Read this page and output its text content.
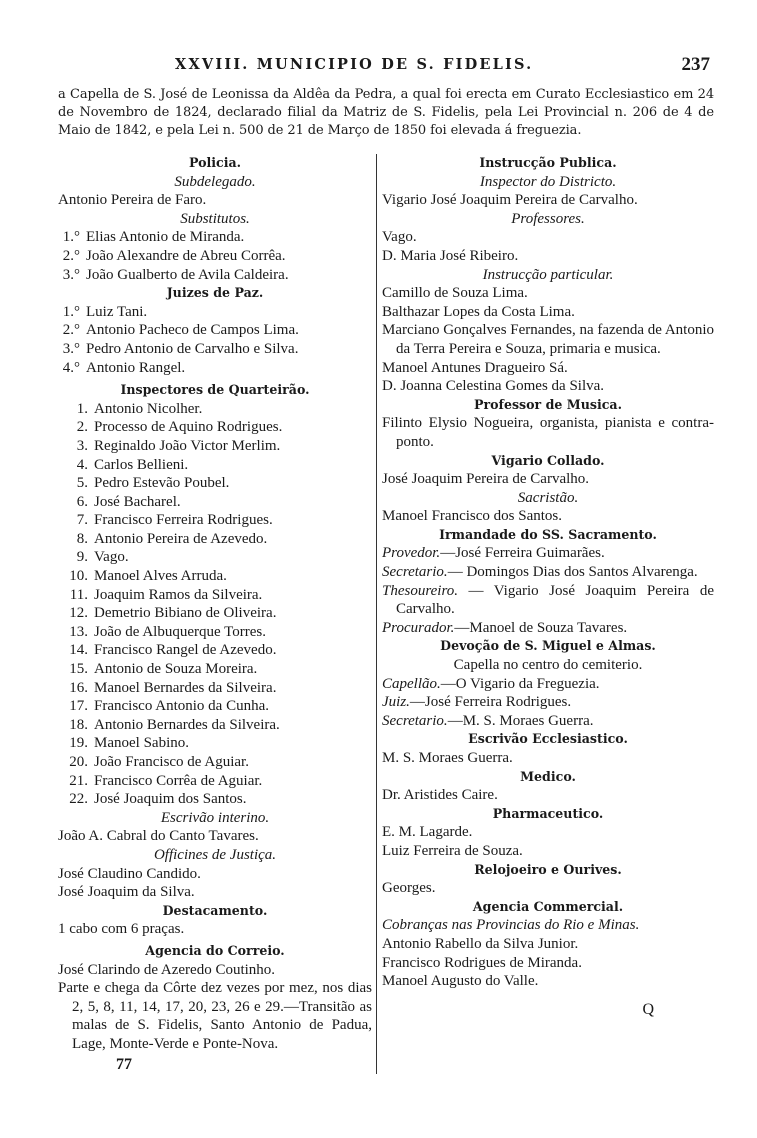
XXVIII. MUNICIPIO DE S. FIDELIS.	237
a Capella de S. José de Leonissa da Aldêa da Pedra, a qual foi erecta em Curato Ecclesiastico em 24 de Novembro de 1824, declarado filial da Matriz de S. Fidelis, pela Lei Provincial n. 206 de 4 de Maio de 1842, e pela Lei n. 500 de 21 de Março de 1850 foi elevada á freguezia.
Policia.
Subdelegado.
Antonio Pereira de Faro.
Substitutos.
1.° Elias Antonio de Miranda.
2.° João Alexandre de Abreu Corrêa.
3.° João Gualberto de Avila Caldeira.
Juizes de Paz.
1.° Luiz Tani.
2.° Antonio Pacheco de Campos Lima.
3.° Pedro Antonio de Carvalho e Silva.
4.° Antonio Rangel.
Inspectores de Quarteirão.
1. Antonio Nicolher.
2. Processo de Aquino Rodrigues.
3. Reginaldo João Victor Merlim.
4. Carlos Bellieni.
5. Pedro Estevão Poubel.
6. José Bacharel.
7. Francisco Ferreira Rodrigues.
8. Antonio Pereira de Azevedo.
9. Vago.
10. Manoel Alves Arruda.
11. Joaquim Ramos da Silveira.
12. Demetrio Bibiano de Oliveira.
13. João de Albuquerque Torres.
14. Francisco Rangel de Azevedo.
15. Antonio de Souza Moreira.
16. Manoel Bernardes da Silveira.
17. Francisco Antonio da Cunha.
18. Antonio Bernardes da Silveira.
19. Manoel Sabino.
20. João Francisco de Aguiar.
21. Francisco Corrêa de Aguiar.
22. José Joaquim dos Santos.
Escrivão interino.
João A. Cabral do Canto Tavares.
Officines de Justiça.
José Claudino Candido.
José Joaquim da Silva.
Destacamento.
1 cabo com 6 praças.
Agencia do Correio.
José Clarindo de Azeredo Coutinho.
Parte e chega da Côrte dez vezes por mez, nos dias 2, 5, 8, 11, 14, 17, 20, 23, 26 e 29.—Transitão as malas de S. Fidelis, Santo Antonio de Padua, Lage, Monte-Verde e Ponte-Nova.
77
Instrucção Publica.
Inspector do Districto.
Vigario José Joaquim Pereira de Carvalho.
Professores.
Vago.
D. Maria José Ribeiro.
Instrucção particular.
Camillo de Souza Lima.
Balthazar Lopes da Costa Lima.
Marciano Gonçalves Fernandes, na fazenda de Antonio da Terra Pereira e Souza, primaria e musica.
Manoel Antunes Dragueiro Sá.
D. Joanna Celestina Gomes da Silva.
Professor de Musica.
Filinto Elysio Nogueira, organista, pianista e contra-ponto.
Vigario Collado.
José Joaquim Pereira de Carvalho.
Sacristão.
Manoel Francisco dos Santos.
Irmandade do SS. Sacramento.
Provedor.—José Ferreira Guimarães.
Secretario.— Domingos Dias dos Santos Alvarenga.
Thesoureiro. — Vigario José Joaquim Pereira de Carvalho.
Procurador.—Manoel de Souza Tavares.
Devoção de S. Miguel e Almas.
Capella no centro do cemiterio.
Capellão.—O Vigario da Freguezia.
Juiz.—José Ferreira Rodrigues.
Secretario.—M. S. Moraes Guerra.
Escrivão Ecclesiastico.
M. S. Moraes Guerra.
Medico.
Dr. Aristides Caire.
Pharmaceutico.
E. M. Lagarde.
Luiz Ferreira de Souza.
Relojoeiro e Ourives.
Georges.
Agencia Commercial.
Cobranças nas Provincias do Rio e Minas.
Antonio Rabello da Silva Junior.
Francisco Rodrigues de Miranda.
Manoel Augusto do Valle.
Q
